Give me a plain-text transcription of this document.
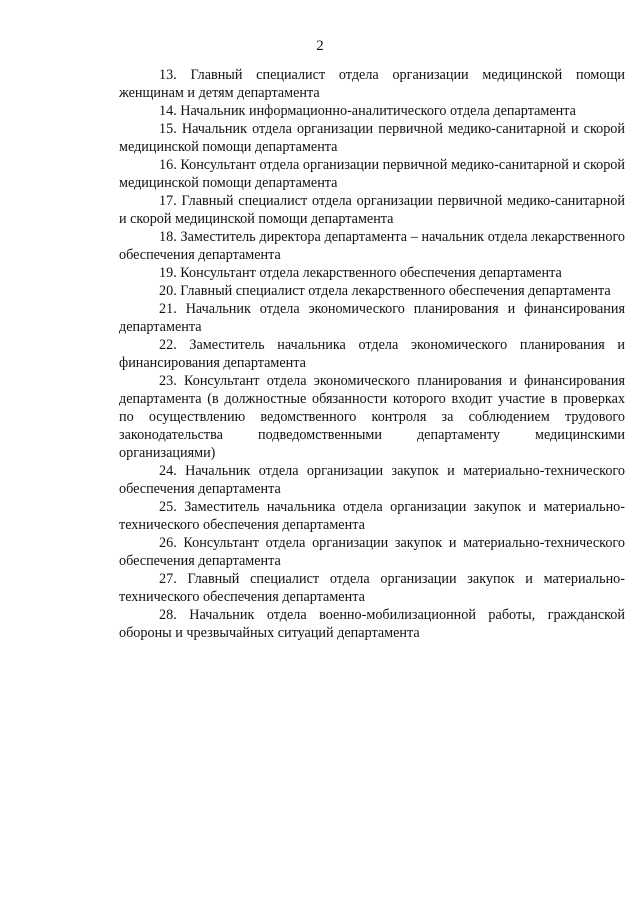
2

13. Главный специалист отдела организации медицинской помощи женщинам и детям департамента

14. Начальник информационно-аналитического отдела департамента

15. Начальник отдела организации первичной медико-санитарной и скорой медицинской помощи департамента

16. Консультант отдела организации первичной медико-санитарной и скорой медицинской помощи департамента

17. Главный специалист отдела организации первичной медико-санитарной и скорой медицинской помощи департамента

18. Заместитель директора департамента – начальник отдела лекарственного обеспечения департамента

19. Консультант отдела лекарственного обеспечения департамента

20. Главный специалист отдела лекарственного обеспечения департамента

21. Начальник отдела экономического планирования и финансирования департамента

22. Заместитель начальника отдела экономического планирования и финансирования департамента

23. Консультант отдела экономического планирования и финансирования департамента (в должностные обязанности которого входит участие в проверках по осуществлению ведомственного контроля за соблюдением трудового законодательства подведомственными департаменту медицинскими организациями)

24. Начальник отдела организации закупок и материально-технического обеспечения департамента

25. Заместитель начальника отдела организации закупок и материально-технического обеспечения департамента

26. Консультант отдела организации закупок и материально-технического обеспечения департамента

27. Главный специалист отдела организации закупок и материально-технического обеспечения департамента

28. Начальник отдела военно-мобилизационной работы, гражданской обороны и чрезвычайных ситуаций департамента
